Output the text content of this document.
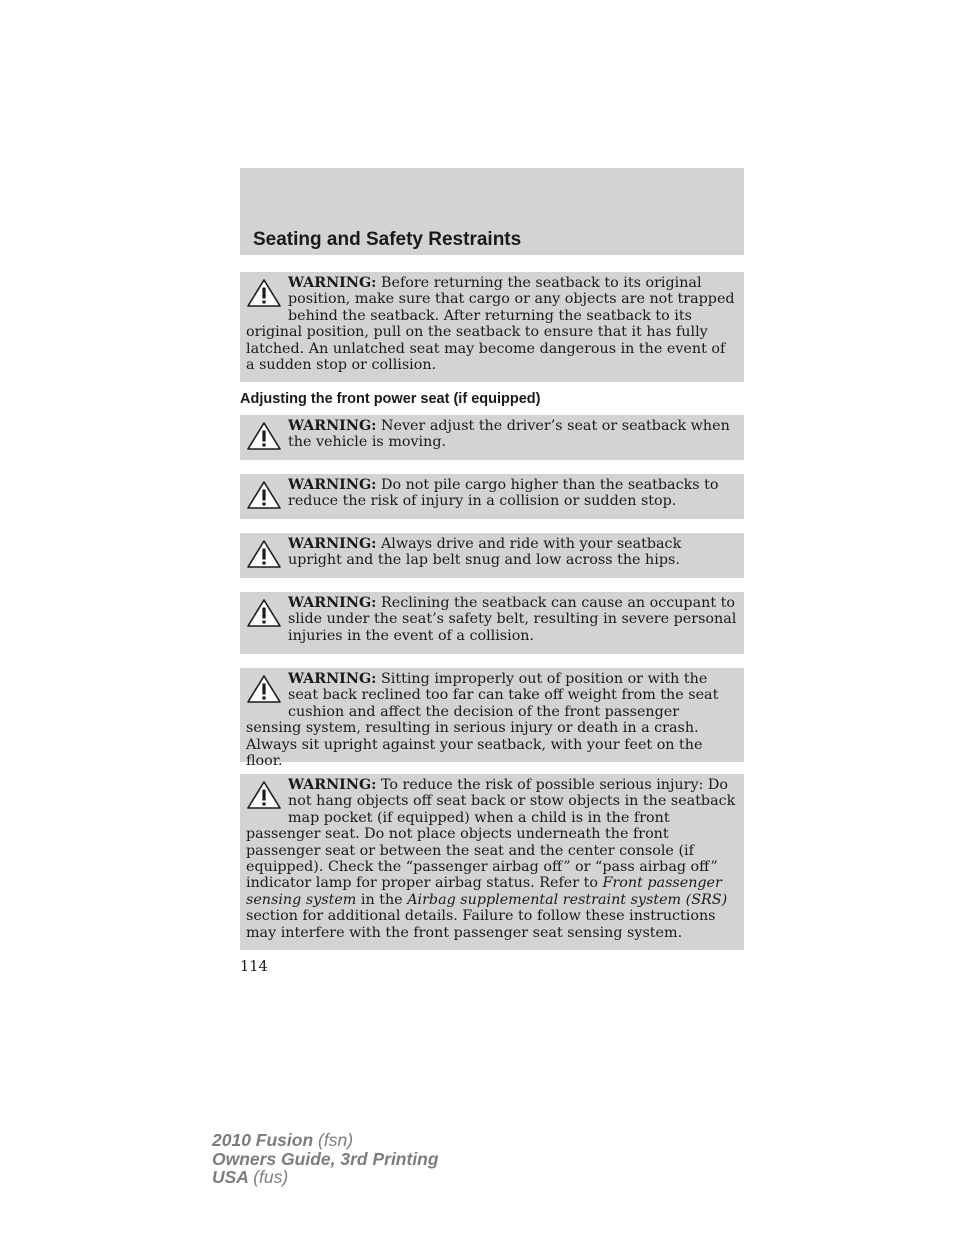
Seating and Safety Restraints
WARNING: Before returning the seatback to its original position, make sure that cargo or any objects are not trapped behind the seatback. After returning the seatback to its original position, pull on the seatback to ensure that it has fully latched. An unlatched seat may become dangerous in the event of a sudden stop or collision.
Adjusting the front power seat (if equipped)
WARNING: Never adjust the driver’s seat or seatback when the vehicle is moving.
WARNING: Do not pile cargo higher than the seatbacks to reduce the risk of injury in a collision or sudden stop.
WARNING: Always drive and ride with your seatback upright and the lap belt snug and low across the hips.
WARNING: Reclining the seatback can cause an occupant to slide under the seat’s safety belt, resulting in severe personal injuries in the event of a collision.
WARNING: Sitting improperly out of position or with the seat back reclined too far can take off weight from the seat cushion and affect the decision of the front passenger sensing system, resulting in serious injury or death in a crash. Always sit upright against your seatback, with your feet on the floor.
WARNING: To reduce the risk of possible serious injury: Do not hang objects off seat back or stow objects in the seatback map pocket (if equipped) when a child is in the front passenger seat. Do not place objects underneath the front passenger seat or between the seat and the center console (if equipped). Check the “passenger airbag off” or “pass airbag off” indicator lamp for proper airbag status. Refer to Front passenger sensing system in the Airbag supplemental restraint system (SRS) section for additional details. Failure to follow these instructions may interfere with the front passenger seat sensing system.
114
2010 Fusion (fsn)
Owners Guide, 3rd Printing
USA (fus)
